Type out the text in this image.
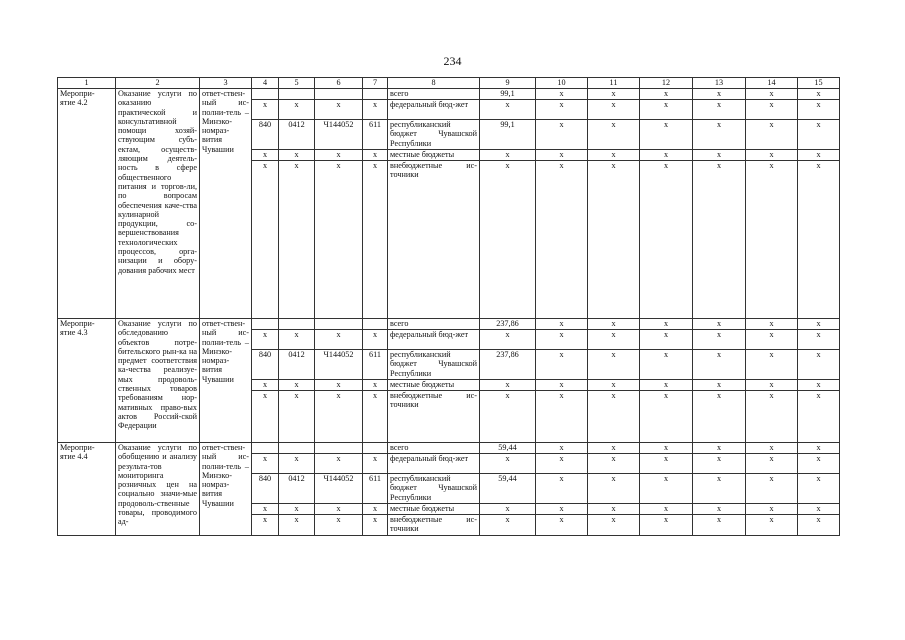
234
1	2	3	4	5	6	7	8	9	10	11	12	13	14	15
Меропри-
ятие 4.2	Оказание услуги по оказанию практической и консультативной помощи хозяй-ствующим субъ-ектам, осуществ-ляющим деятель-ность в сфере общественного питания и торгов-ли, по вопросам обеспечения каче-ства кулинарной продукции, со-вершенствования технологических процессов, орга-низации и обору-дования рабочих мест	ответ-ствен-ный ис-полни-тель – Минэко-номраз-вития Чувашии					всего	99,1	x	x	x	x	x	x
			x	x	x	x	федеральный бюд-жет	x	x	x	x	x	x	x
			840	0412	Ч144052	611	республиканский бюджет Чувашской Республики	99,1	x	x	x	x	x	x
			x	x	x	x	местные бюджеты	x	x	x	x	x	x	x
			x	x	x	x	внебюджетные ис-точники	x	x	x	x	x	x	x
Меропри-
ятие 4.3	Оказание услуги по обследованию объектов потре-бительского рын-ка на предмет соответствия ка-чества реализуе-мых продоволь-ственных товаров требованиям нор-мативных право-вых актов Россий-ской Федерации	ответ-ствен-ный ис-полни-тель – Минэко-номраз-вития Чувашии					всего	237,86	x	x	x	x	x	x
			x	x	x	x	федеральный бюд-жет	x	x	x	x	x	x	x
			840	0412	Ч144052	611	республиканский бюджет Чувашской Республики	237,86	x	x	x	x	x	x
			x	x	x	x	местные бюджеты	x	x	x	x	x	x	x
			x	x	x	x	внебюджетные ис-точники	x	x	x	x	x	x	x
Меропри-
ятие 4.4	Оказание услуги по обобщению и анализу результа-тов мониторинга розничных цен на социально значи-мые продоволь-ственные товары, проводимого ад-	ответ-ствен-ный ис-полни-тель – Минэко-номраз-вития Чувашии					всего	59,44	x	x	x	x	x	x
			x	x	x	x	федеральный бюд-жет	x	x	x	x	x	x	x
			840	0412	Ч144052	611	республиканский бюджет Чувашской Республики	59,44	x	x	x	x	x	x
			x	x	x	x	местные бюджеты	x	x	x	x	x	x	x
			x	x	x	x	внебюджетные ис-точники	x	x	x	x	x	x	x
